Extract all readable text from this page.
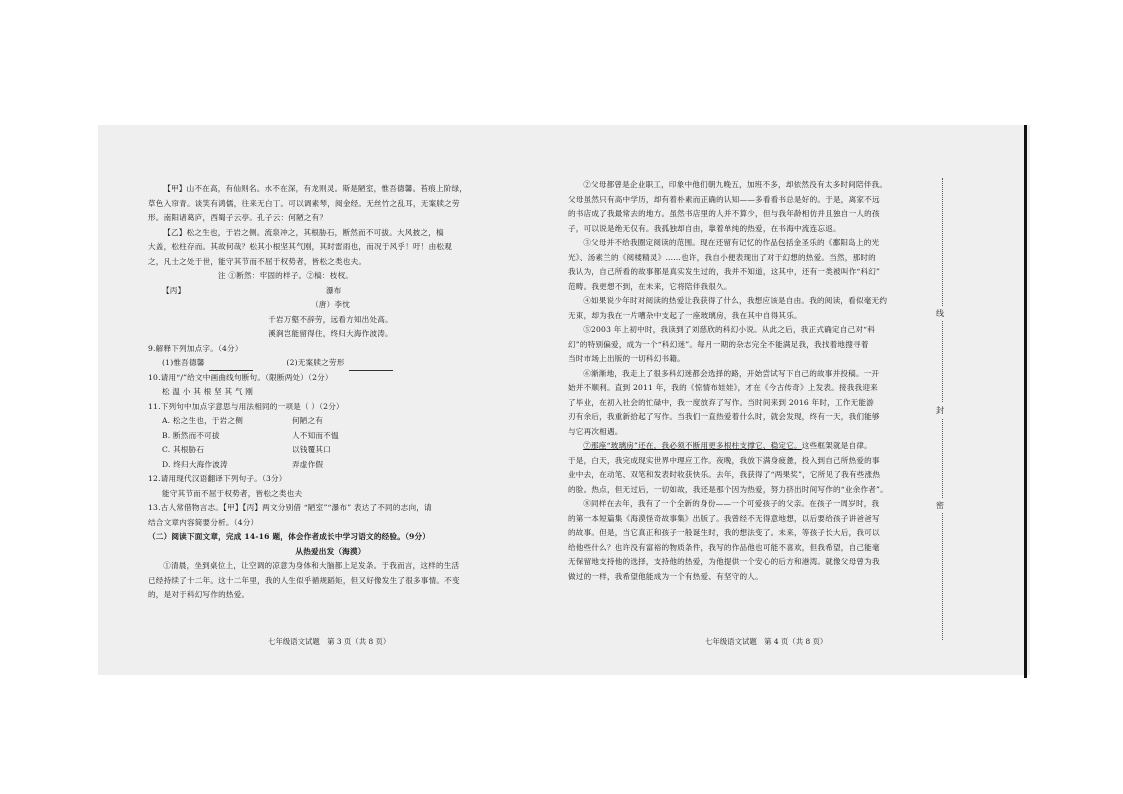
【甲】山不在高，有仙则名。水不在深，有龙则灵。斯是陋室，惟吾德馨。苔痕上阶绿，

草色入帘青。谈笑有鸿儒，往来无白丁。可以调素琴，阅金经。无丝竹之乱耳，无案牍之劳

形。南阳诸葛庐，西蜀子云亭。孔子云：何陋之有？

【乙】松之生也，于岩之侧。流泉冲之，其根胁石，断然而不可拔。大风披之，槁

大盖，松柱存而。其故何哉？松其小根坚其气刚，其时雷雨也，而况于风乎！吁！由松观

之，凡士之处于世，能守其节而不屈于权势者，皆松之类也夫。

注 ①断然：牢固的样子。②槁：枝杈。

【丙】	瀑布

（唐）李忱

千岩万壑不辞劳，远看方知出处高。

溪涧岂能留得住，终归大海作波涛。

9.解释下列加点字。（4分）

(1)惟吾德馨	(2)无案牍之劳形

10.请用“/”给文中画曲线句断句。（限断两处）（2分）

松 温 小 其 根 坚 其 气 刚

11.下列句中加点字意思与用法相同的一项是（ ）（2分）

A. 松之生也，于岩之侧	何陋之有

B. 断然而不可拔	人不知而不愠

C. 其根胁石	以钱覆其口

D. 终归大海作波涛	弄虚作假

12.请用现代汉语翻译下列句子。（3分）

能守其节而不屈于权势者，皆松之类也夫

13.古人常借物言志。【甲】【丙】两文分别借 “陋室”“瀑布” 表达了不同的志向，请

结合文章内容简要分析。（4分）

（二）阅读下面文章，完成 14-16 题，体会作者成长中学习语文的经验。（9分）

从热爱出发（海漠）

①清晨，坐到桌位上，让空调的凉意为身体和大脑都上足发条。于我而言，这样的生活

已经持续了十二年。这十二年里，我的人生似乎循规蹈矩，但又好像发生了很多事情。不变

的，是对于科幻写作的热爱。

七年级语文试题　第 3 页（共 8 页）

②父母都曾是企业职工，印象中他们朝九晚五，加班不多，却依然没有太多时间陪伴我。

父母虽然只有高中学历，却有着朴素而正确的认知——多看看书总是好的。于是，离家不远

的书店成了我最常去的地方。虽然书店里的人并不算少，但与我年龄相仿并且独自一人的孩

子，可以说是绝无仅有。我孤独却自由，靠着单纯的热爱，在书海中流连忘返。

③父母并不给我圈定阅读的范围。现在还留有记忆的作品包括金圣乐的《鄱阳岛上的光

光》、汤素兰的《阅楼精灵》……也许，我自小便表现出了对于幻想的热爱。当然，那时的

我认为，自己所看的故事都是真实发生过的，我并不知道，这其中，还有一类被叫作“科幻”

范畴。我更想不到，在未来，它将陪伴我很久。

④如果说少年时对阅读的热爱让我获得了什么，我想应该是自由。我的阅读，看似毫无约

无束，却为我在一片嘈杂中支起了一座玻璃房，我在其中自得其乐。

⑤2003 年上初中时，我读到了刘慈欣的科幻小说。从此之后，我正式确定自己对“科

幻”的特别偏爱，成为一个“科幻迷”。每月一期的杂志完全不能满足我，我找着地搜寻着

当时市场上出版的一切科幻书籍。

⑥渐渐地，我走上了很多科幻迷都会选择的路，开始尝试写下自己的故事并投稿。一开

始并不顺利。直到 2011 年，我的《惊情布娃娃》，才在《今古传奇》上发表。接我我迎来

了毕业，在初入社会的忙碌中，我一度放弃了写作。当时间来到 2016 年时，工作无能游

刃有余后，我重新拾起了写作。当我们一直热爱着什么时，就会发现，终有一天，我们能够

与它再次相遇。

⑦那座“玻璃房”还在，我必须不断用更多根柱支撑它、稳定它。这些框架就是自律。

于是，白天，我完成现实世界中理应工作。夜晚，我放下满身疲惫，投入到自己所热爱的事

业中去，在动笔、双笔和发表时收获快乐。去年，我获得了“两果奖”，它所见了我有些涨热

的脸。热点，但无过后，一切如故，我还是那个因为热爱，努力挤出时间写作的“业余作者”。

⑧同样在去年，我有了一个全新的身份——一个可爱孩子的父亲。在孩子一周岁时，我

的第一本短篇集《海漠怪奇故事集》出版了。我曾经不无得意地想，以后要给孩子讲爸爸写

的故事。但是，当它真正和孩子一般诞生时，我的想法变了。未来，等孩子长大后，我可以

给他些什么？也许没有富裕的物质条件，我写的作品他也可能不喜欢，但我希望，自己能毫

无保留地支持他的选择，支持他的热爱，为他提供一个安心的后方和港湾。就像父母曾为我

做过的一样，我希望他能成为一个有热爱、有坚守的人。

七年级语文试题　第 4 页（共 8 页）
线
封
密
